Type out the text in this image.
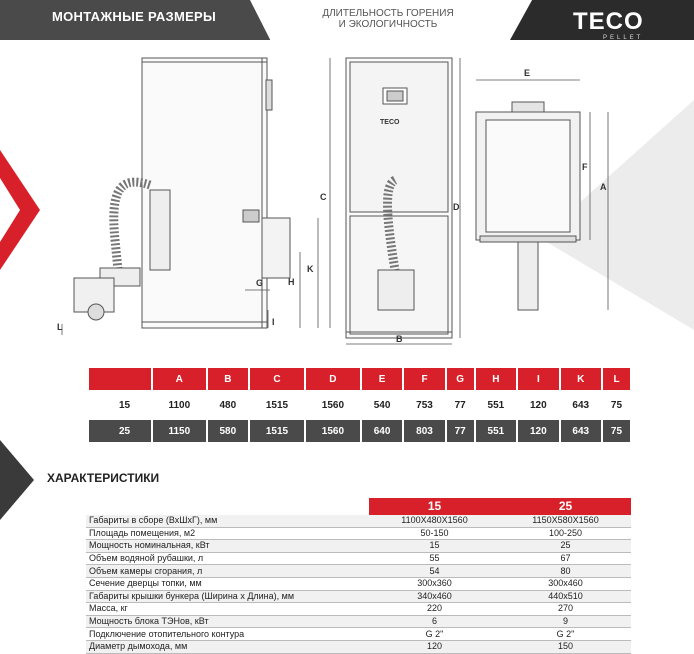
МОНТАЖНЫЕ РАЗМЕРЫ	ДЛИТЕЛЬНОСТЬ ГОРЕНИЯ
И ЭКОЛОГИЧНОСТЬ	TECO
PELLET
C
K
H
G
I
L
TECO
D
B
E
F
A
	A	B	C	D	E	F	G	H	I	K	L

15	1100	480	1515	1560	540	753	77	551	120	643	75

25	1150	580	1515	1560	640	803	77	551	120	643	75
ХАРАКТЕРИСТИКИ
	15	25
Габариты в сборе (ВхШхГ), мм	1100Х480Х1560	1150Х580Х1560
Площадь помещения, м2	50-150	100-250
Мощность номинальная, кВт	15	25
Объем водяной рубашки, л	55	67
Объем камеры сгорания, л	54	80
Сечение дверцы топки, мм	300х360	300х460
Габариты крышки бункера (Ширина х Длина), мм	340х460	440х510
Масса, кг	220	270
Мощность блока ТЭНов, кВт	6	9
Подключение отопительного контура	G 2"	G 2"
Диаметр дымохода, мм	120	150
